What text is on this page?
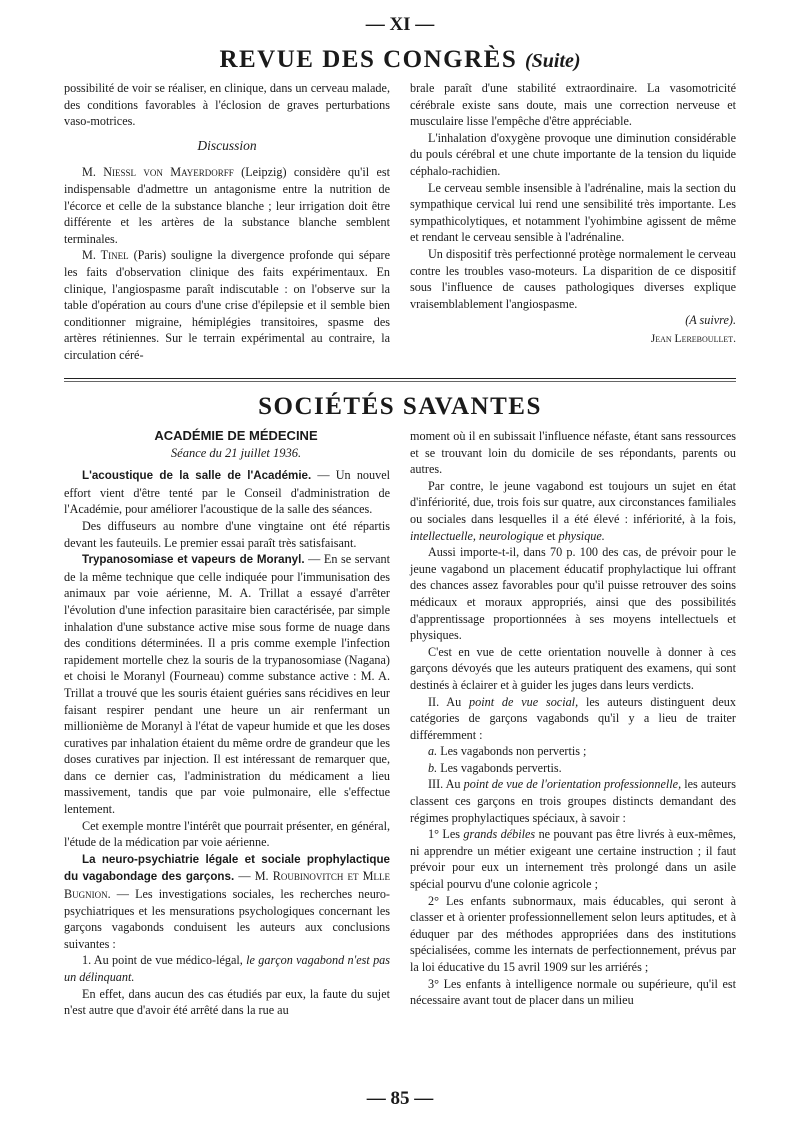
— XI —
REVUE DES CONGRÈS (Suite)

possibilité de voir se réaliser, en clinique, dans un cerveau malade, des conditions favorables à l'éclosion de graves perturbations vaso-motrices.

Discussion

M. Niessl von Mayerdorff (Leipzig) considère qu'il est indispensable d'admettre un antagonisme entre la nutrition de l'écorce et celle de la substance blanche ; leur irrigation doit être différente et les artères de la substance blanche semblent terminales.

M. Tinel (Paris) souligne la divergence profonde qui sépare les faits d'observation clinique des faits expérimentaux. En clinique, l'angiospasme paraît indiscutable : on l'observe sur la table d'opération au cours d'une crise d'épilepsie et il semble bien conditionner migraine, hémiplégies transitoires, spasme des artères rétiniennes. Sur le terrain expérimental au contraire, la circulation céré-

brale paraît d'une stabilité extraordinaire. La vasomotricité cérébrale existe sans doute, mais une correction nerveuse et musculaire lisse l'empêche d'être appréciable.

L'inhalation d'oxygène provoque une diminution considérable du pouls cérébral et une chute importante de la tension du liquide céphalo-rachidien.

Le cerveau semble insensible à l'adrénaline, mais la section du sympathique cervical lui rend une sensibilité très importante. Les sympathicolytiques, et notamment l'yohimbine agissent de même et rendant le cerveau sensible à l'adrénaline.

Un dispositif très perfectionné protège normalement le cerveau contre les troubles vaso-moteurs. La disparition de ce dispositif sous l'influence de causes pathologiques diverses explique vraisemblablement l'angiospasme.

(A suivre).

Jean Lereboullet.

SOCIÉTÉS SAVANTES

ACADÉMIE DE MÉDECINE

Séance du 21 juillet 1936.

L'acoustique de la salle de l'Académie. — Un nouvel effort vient d'être tenté par le Conseil d'administration de l'Académie, pour améliorer l'acoustique de la salle des séances.

Des diffuseurs au nombre d'une vingtaine ont été répartis devant les fauteuils. Le premier essai paraît très satisfaisant.

Trypanosomiase et vapeurs de Moranyl. — En se servant de la même technique que celle indiquée pour l'immunisation des animaux par voie aérienne, M. A. Trillat a essayé d'arrêter l'évolution d'une infection parasitaire bien caractérisée, par simple inhalation d'une substance active mise sous forme de nuage dans des conditions déterminées. Il a pris comme exemple l'infection rapidement mortelle chez la souris de la trypanosomiase (Nagana) et choisi le Moranyl (Fourneau) comme substance active : M. A. Trillat a trouvé que les souris étaient guéries sans récidives en leur faisant respirer pendant une heure un air renfermant un millionième de Moranyl à l'état de vapeur humide et que les doses curatives par inhalation étaient du même ordre de grandeur que les doses curatives par injection. Il est intéressant de remarquer que, dans ce dernier cas, l'administration du médicament a lieu massivement, tandis que par voie pulmonaire, elle s'effectue lentement.

Cet exemple montre l'intérêt que pourrait présenter, en général, l'étude de la médication par voie aérienne.

La neuro-psychiatrie légale et sociale prophylactique du vagabondage des garçons. — M. Roubinovitch et Mlle Bugnion. — Les investigations sociales, les recherches neuro-psychiatriques et les mensurations psychologiques concernant les garçons vagabonds conduisent les auteurs aux conclusions suivantes :

1. Au point de vue médico-légal, le garçon vagabond n'est pas un délinquant.

En effet, dans aucun des cas étudiés par eux, la faute du sujet n'est autre que d'avoir été arrêté dans la rue au

moment où il en subissait l'influence néfaste, étant sans ressources et se trouvant loin du domicile de ses répondants, parents ou autres.

Par contre, le jeune vagabond est toujours un sujet en état d'infériorité, due, trois fois sur quatre, aux circonstances familiales ou sociales dans lesquelles il a été élevé : infériorité, à la fois, intellectuelle, neurologique et physique.

Aussi importe-t-il, dans 70 p. 100 des cas, de prévoir pour le jeune vagabond un placement éducatif prophylactique lui offrant des chances assez favorables pour qu'il puisse retrouver des soins médicaux et moraux appropriés, ainsi que des possibilités d'apprentissage proportionnées à ses moyens intellectuels et physiques.

C'est en vue de cette orientation nouvelle à donner à ces garçons dévoyés que les auteurs pratiquent des examens, qui sont destinés à éclairer et à guider les juges dans leurs verdicts.

II. Au point de vue social, les auteurs distinguent deux catégories de garçons vagabonds qu'il y a lieu de traiter différemment :

a. Les vagabonds non pervertis ;

b. Les vagabonds pervertis.

III. Au point de vue de l'orientation professionnelle, les auteurs classent ces garçons en trois groupes distincts demandant des régimes prophylactiques spéciaux, à savoir :

1° Les grands débiles ne pouvant pas être livrés à eux-mêmes, ni apprendre un métier exigeant une certaine instruction ; il faut prévoir pour eux un internement très prolongé dans un asile spécial pourvu d'une colonie agricole ;

2° Les enfants subnormaux, mais éducables, qui seront à classer et à orienter professionnellement selon leurs aptitudes, et à éduquer par des méthodes appropriées dans des institutions spécialisées, comme les internats de perfectionnement, prévus par la loi éducative du 15 avril 1909 sur les arriérés ;

3° Les enfants à intelligence normale ou supérieure, qu'il est nécessaire avant tout de placer dans un milieu

— 85 —
